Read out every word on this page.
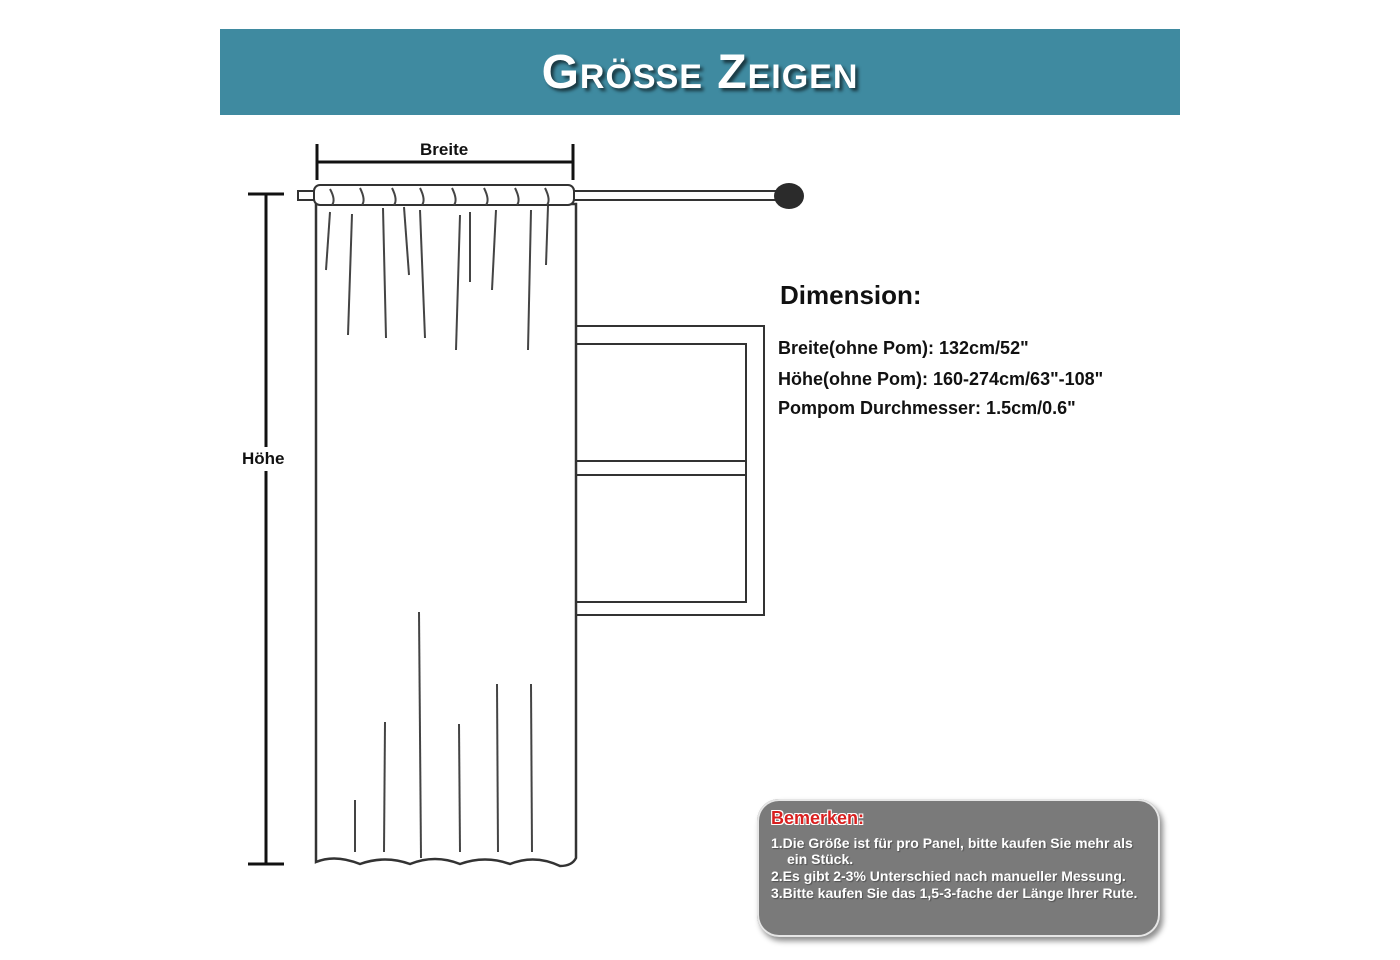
Größe Zeigen
Breite
Höhe
Dimension:
Breite(ohne Pom): 132cm/52"
Höhe(ohne Pom): 160-274cm/63"-108"
Pompom Durchmesser: 1.5cm/0.6"
Bemerken:
1.Die Größe ist für pro Panel, bitte kaufen Sie mehr als ein Stück.
2.Es gibt 2-3% Unterschied nach manueller Messung.
3.Bitte kaufen Sie das 1,5-3-fache der Länge Ihrer Rute.
